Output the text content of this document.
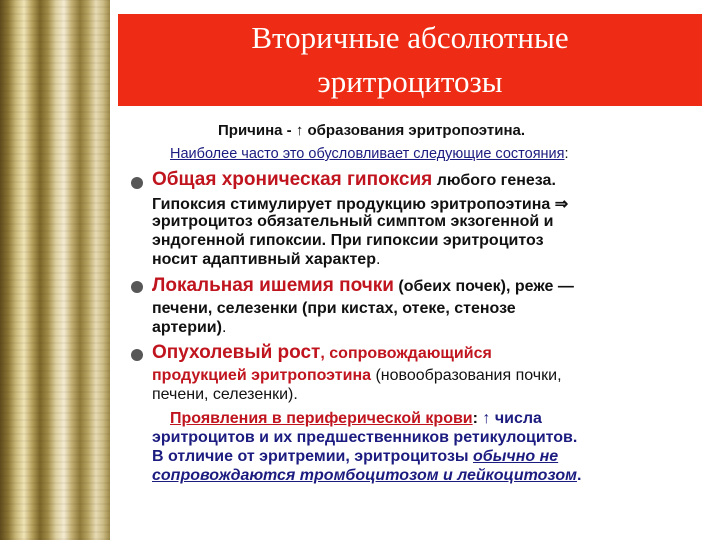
Вторичные абсолютные
эритроцитозы
Причина - ↑ образования эритропоэтина.
Наиболее часто это обусловливает следующие состояния:
Общая хроническая гипоксия любого генеза.
Гипоксия стимулирует продукцию эритропоэтина ⇒
эритроцитоз обязательный симптом экзогенной и
эндогенной гипоксии. При гипоксии эритроцитоз
носит адаптивный характер.
Локальная ишемия почки (обеих почек), реже —
печени, селезенки (при кистах, отеке, стенозе
артерии).
Опухолевый рост, сопровождающийся
продукцией эритропоэтина (новообразования почки,
печени, селезенки).
Проявления в периферической крови: ↑ числа
эритроцитов и их предшественников ретикулоцитов.
В отличие от эритремии, эритроцитозы обычно не
сопровождаются тромбоцитозом и лейкоцитозом.
